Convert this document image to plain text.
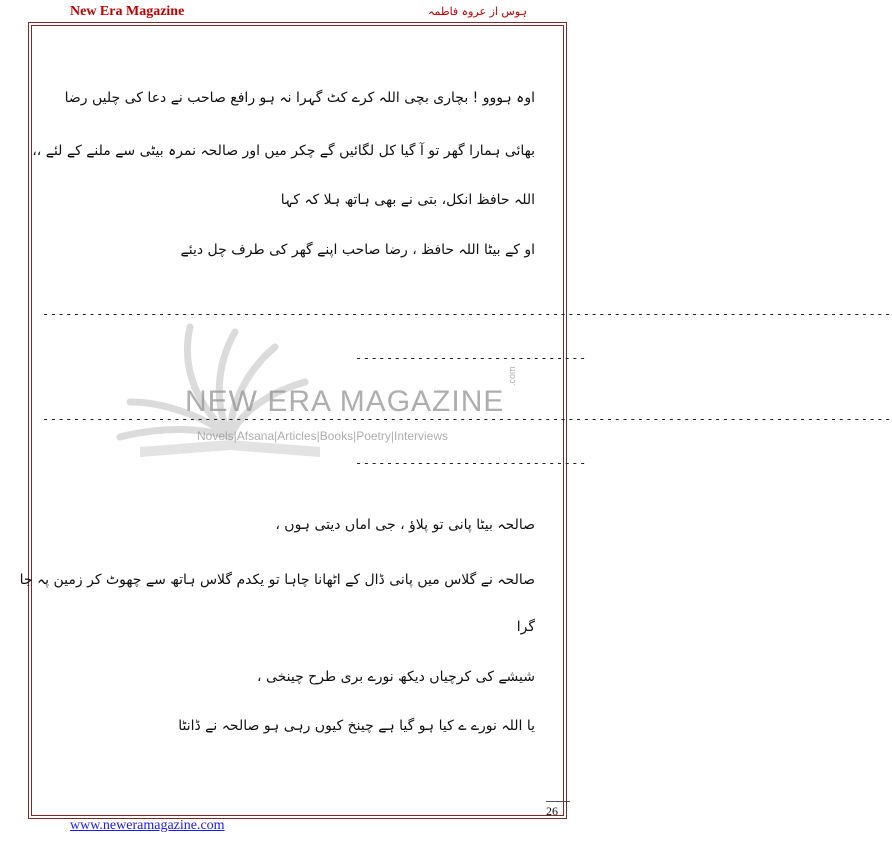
New Era Magazine	ہوس از عروہ فاطمہ
NEW ERA MAGAZINE
.com
Novels|Afsana|Articles|Books|Poetry|Interviews
اوہ ہووو ! بچاری بچی اللہ کرے کٹ گہرا نہ ہو رافع صاحب نے دعا کی چلیں رضا
بھائی ہمارا گھر تو آ گیا کل لگائیں گے چکر میں اور صالحہ نمرہ بیٹی سے ملنے کے لئے ،،
اللہ حافظ انکل، بتی نے بھی ہاتھ ہلا کہ کہا
او کے بیٹا اللہ حافظ ، رضا صاحب اپنے گھر کی طرف چل دیئے
--------------------------------------------------------------------------------------------------------------
------------------------------
--------------------------------------------------------------------------------------------------------------
------------------------------
صالحہ بیٹا پانی تو پلاؤ ، جی اماں دیتی ہوں ،
صالحہ نے گلاس میں پانی ڈال کے اٹھانا چاہا تو یکدم گلاس ہاتھ سے چھوٹ کر زمین پہ جا
گرا
شیشے کی کرچیاں دیکھ نورے بری طرح چینخی ،
یا اللہ نورے ے کیا ہو گیا ہے چینخ کیوں رہی ہو صالحہ نے ڈانٹا
26
www.neweramagazine.com
